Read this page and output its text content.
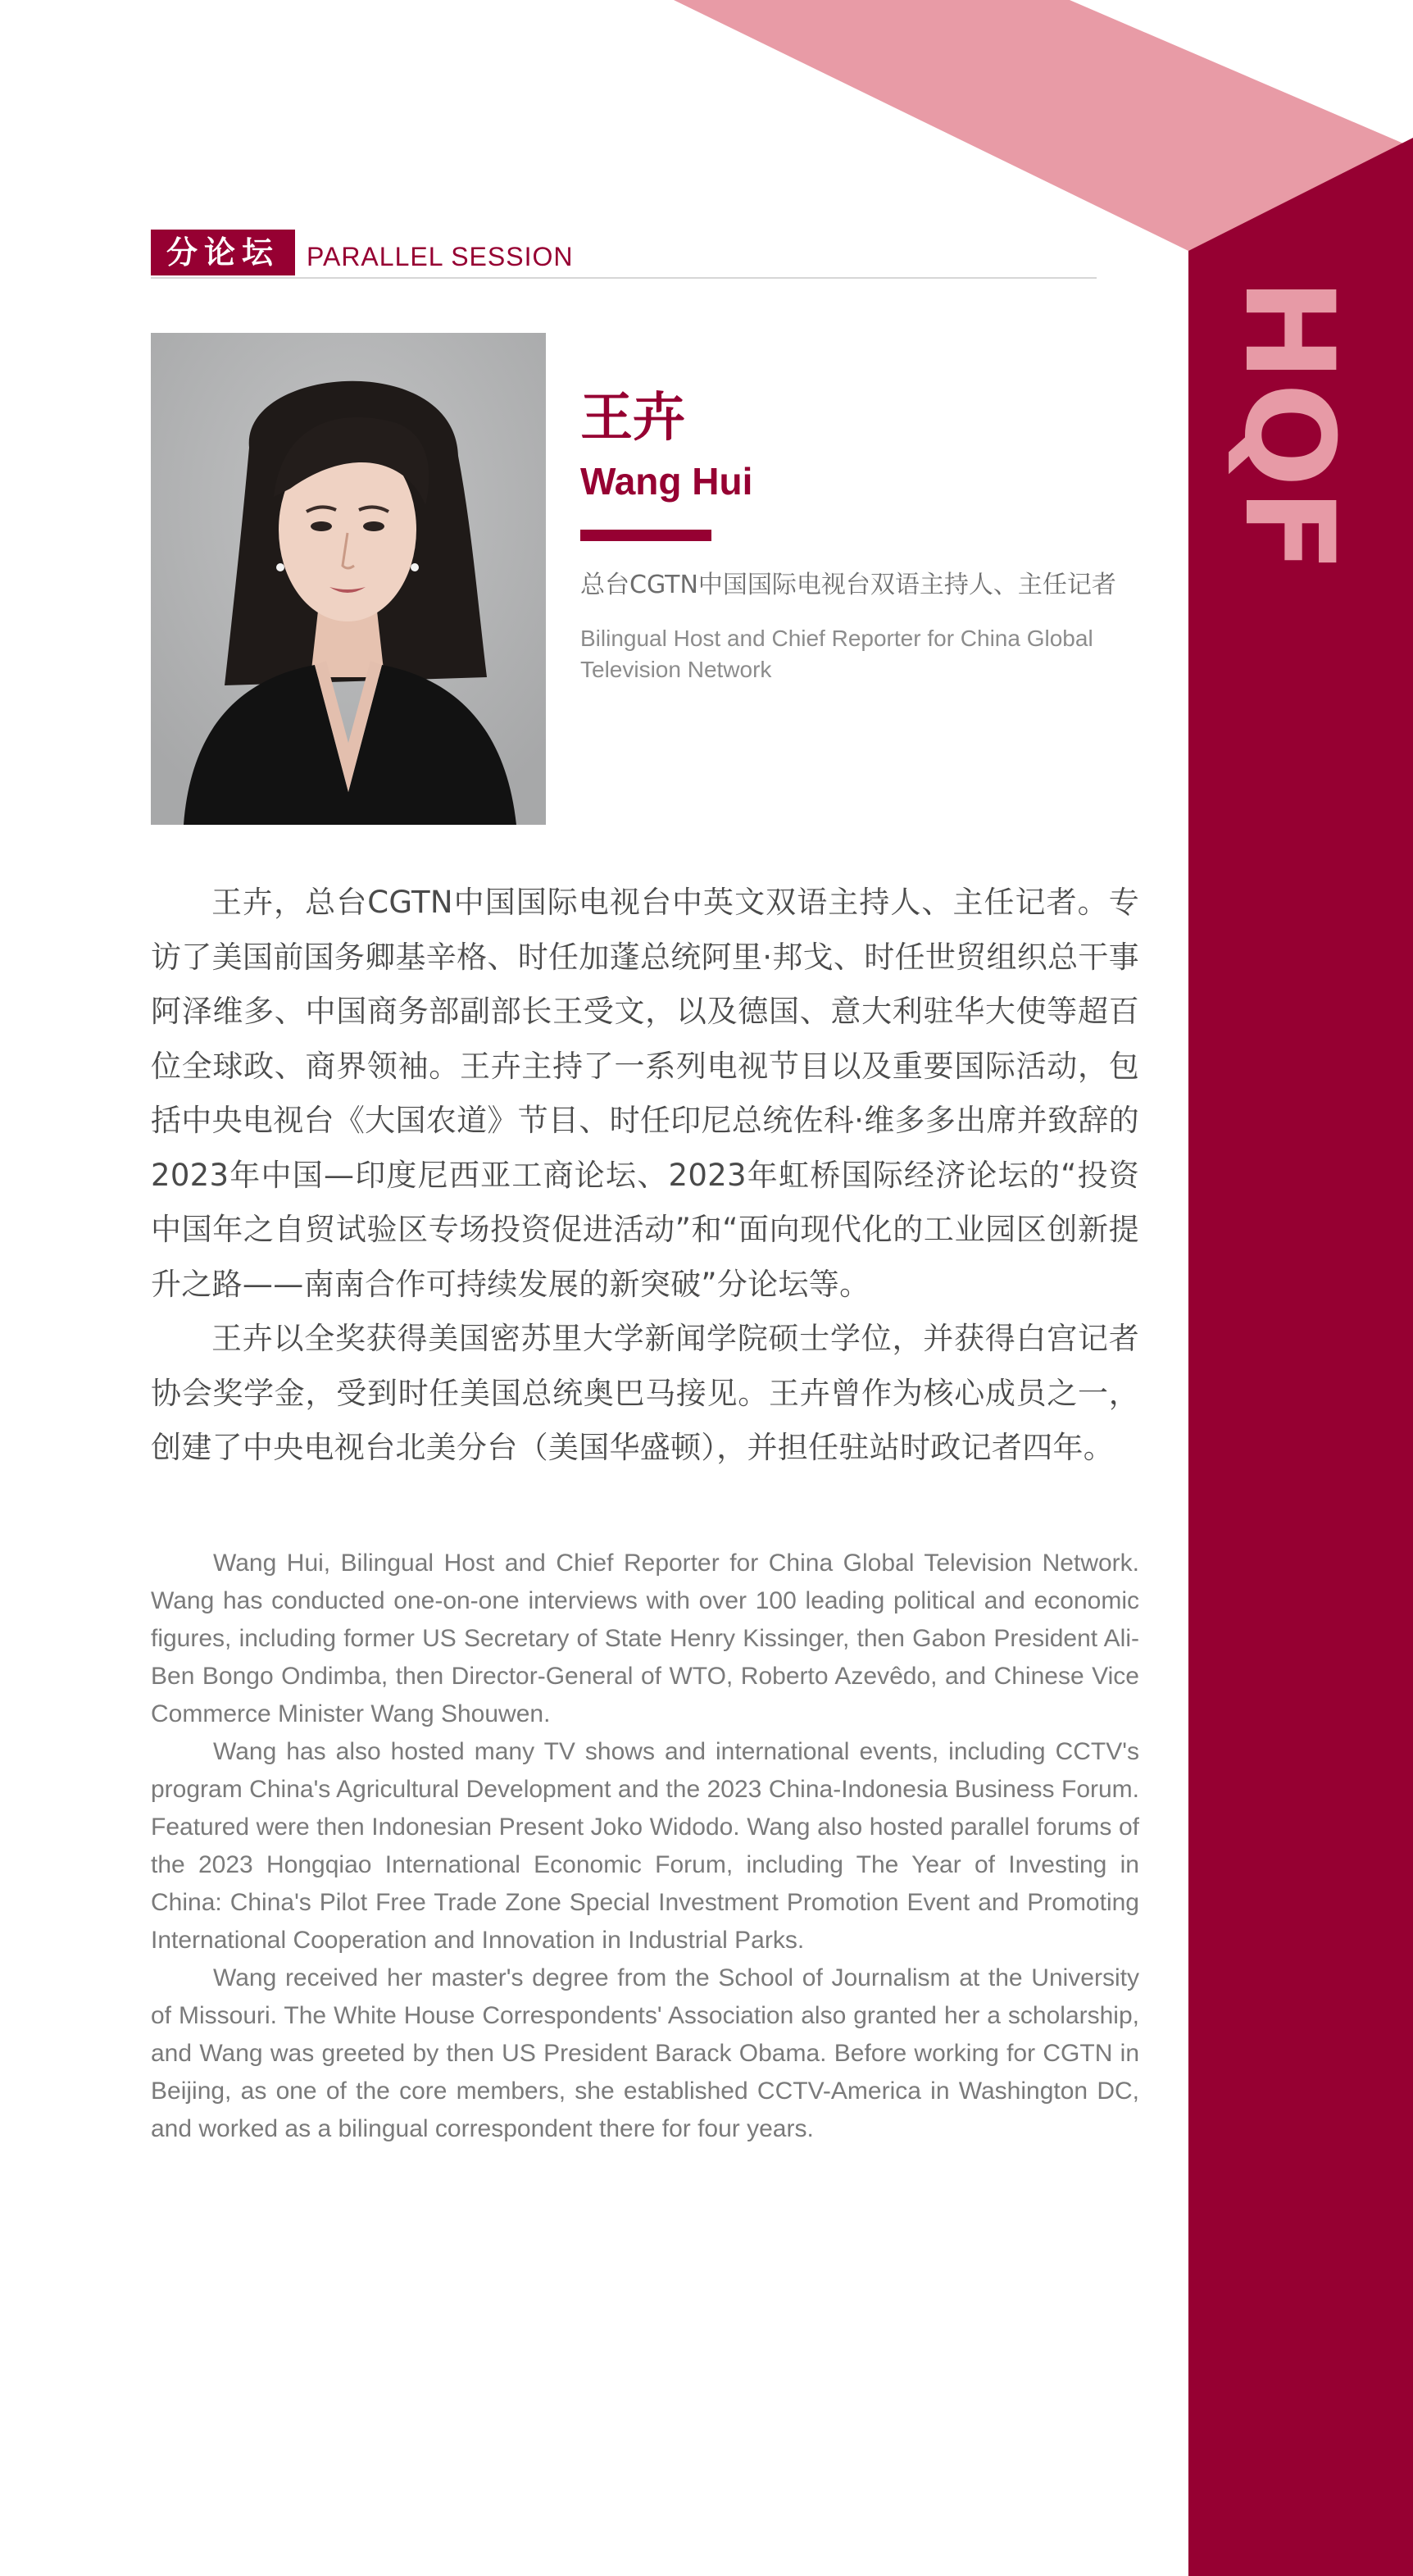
HQF
分论坛	PARALLEL SESSION
王卉
Wang Hui
总台CGTN中国国际电视台双语主持人、主任记者
Bilingual Host and Chief Reporter for China Global Television Network

王卉，总台CGTN中国国际电视台中英文双语主持人、主任记者。专访了美国前国务卿基辛格、时任加蓬总统阿里·邦戈、时任世贸组织总干事阿泽维多、中国商务部副部长王受文，以及德国、意大利驻华大使等超百位全球政、商界领袖。王卉主持了一系列电视节目以及重要国际活动，包括中央电视台《大国农道》节目、时任印尼总统佐科·维多多出席并致辞的2023年中国—印度尼西亚工商论坛、2023年虹桥国际经济论坛的“投资中国年之自贸试验区专场投资促进活动”和“面向现代化的工业园区创新提升之路——南南合作可持续发展的新突破”分论坛等。

王卉以全奖获得美国密苏里大学新闻学院硕士学位，并获得白宫记者协会奖学金，受到时任美国总统奥巴马接见。王卉曾作为核心成员之一，创建了中央电视台北美分台（美国华盛顿），并担任驻站时政记者四年。

Wang Hui, Bilingual Host and Chief Reporter for China Global Television Network. Wang has conducted one-on-one interviews with over 100 leading political and economic figures, including former US Secretary of State Henry Kissinger, then Gabon President Ali-Ben Bongo Ondimba, then Director-General of WTO, Roberto Azevêdo, and Chinese Vice Commerce Minister Wang Shouwen.

Wang has also hosted many TV shows and international events, including CCTV's program China's Agricultural Development and the 2023 China-Indonesia Business Forum. Featured were then Indonesian Present Joko Widodo. Wang also hosted parallel forums of the 2023 Hongqiao International Economic Forum, including The Year of Investing in China: China's Pilot Free Trade Zone Special Investment Promotion Event and Promoting International Cooperation and Innovation in Industrial Parks.

Wang received her master's degree from the School of Journalism at the University of Missouri. The White House Correspondents' Association also granted her a scholarship, and Wang was greeted by then US President Barack Obama. Before working for CGTN in Beijing, as one of the core members, she established CCTV-America in Washington DC, and worked as a bilingual correspondent there for four years.
